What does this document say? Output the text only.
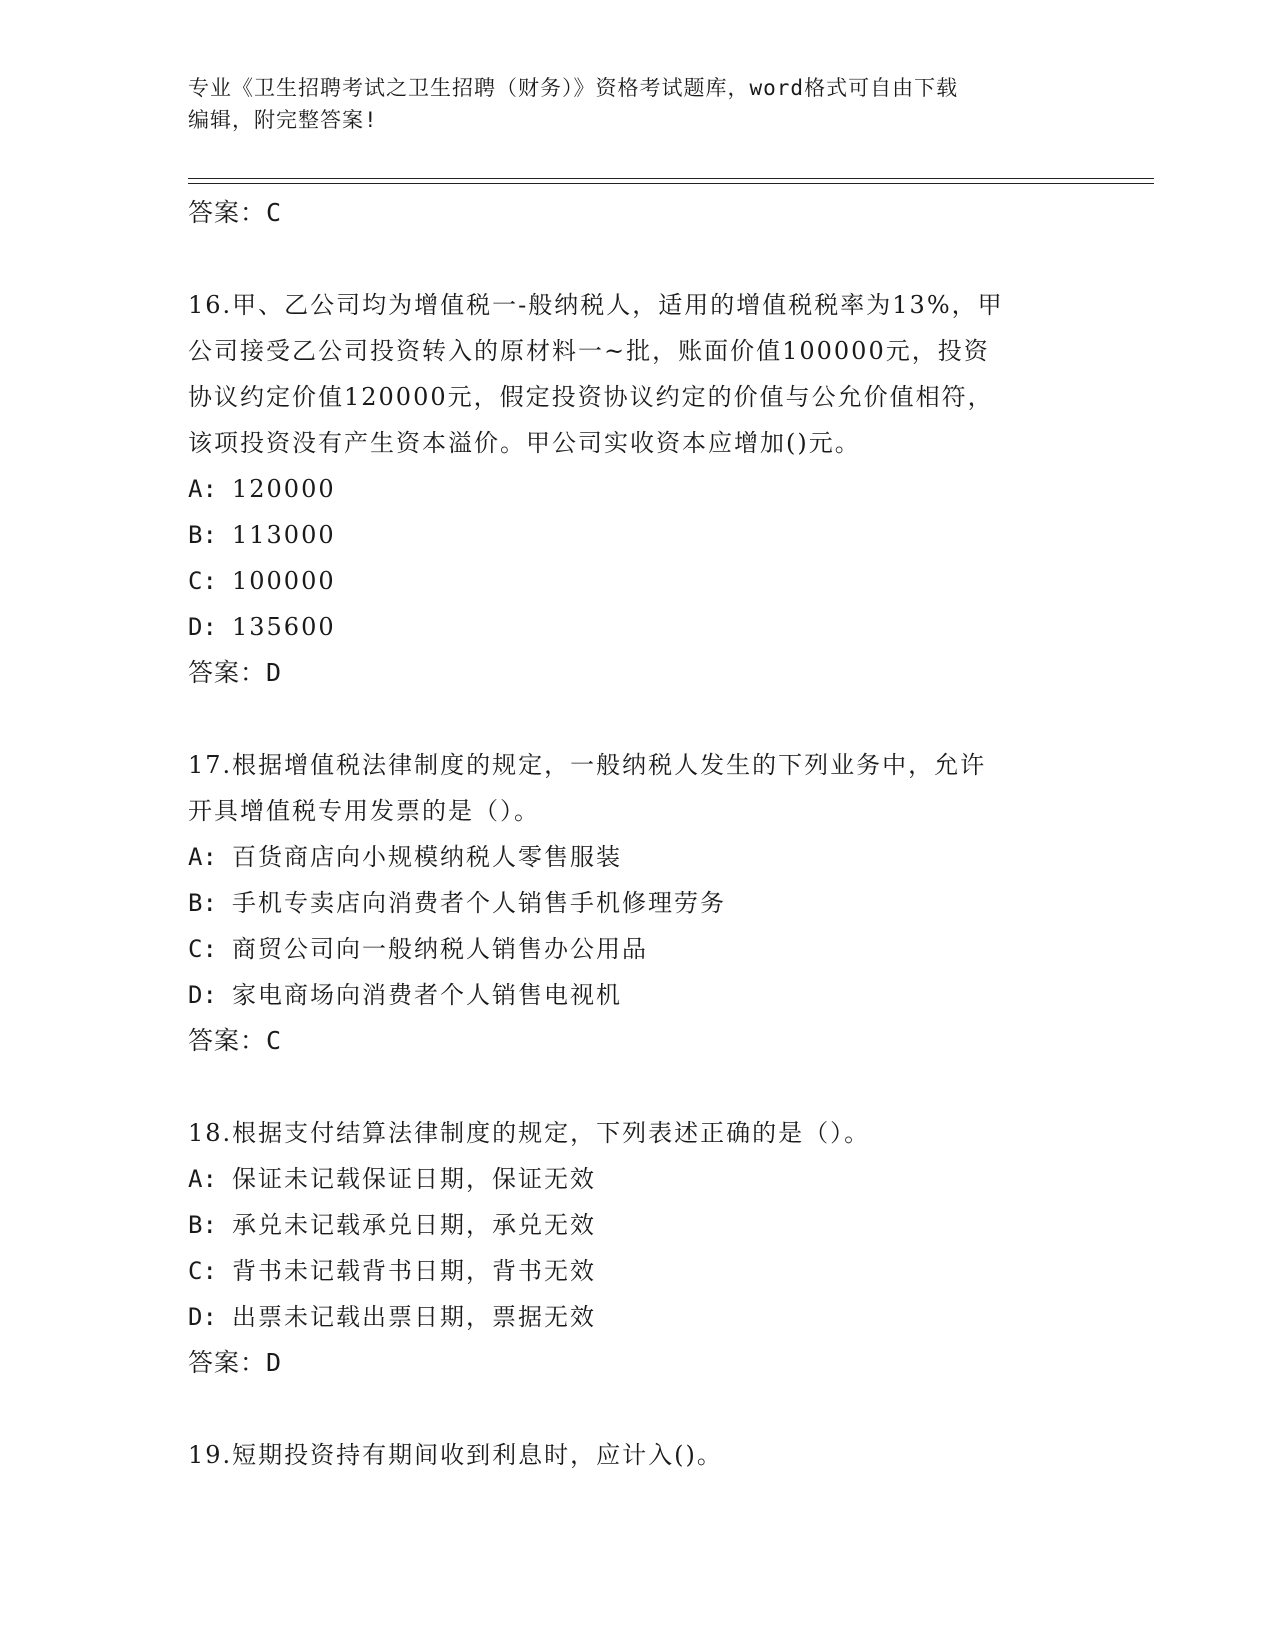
专业《卫生招聘考试之卫生招聘（财务）》资格考试题库，word格式可自由下载
编辑，附完整答案!
答案：C
16.甲、乙公司均为增值税一-般纳税人，适用的增值税税率为13%，甲
公司接受乙公司投资转入的原材料一~批，账面价值100000元，投资
协议约定价值120000元，假定投资协议约定的价值与公允价值相符，
该项投资没有产生资本溢价。甲公司实收资本应增加()元。
A: 120000
B: 113000
C: 100000
D: 135600
答案：D
17.根据增值税法律制度的规定，一般纳税人发生的下列业务中，允许
开具增值税专用发票的是（）。
A: 百货商店向小规模纳税人零售服装
B: 手机专卖店向消费者个人销售手机修理劳务
C: 商贸公司向一般纳税人销售办公用品
D: 家电商场向消费者个人销售电视机
答案：C
18.根据支付结算法律制度的规定，下列表述正确的是（）。
A: 保证未记载保证日期，保证无效
B: 承兑未记载承兑日期，承兑无效
C: 背书未记载背书日期，背书无效
D: 出票未记载出票日期，票据无效
答案：D
19.短期投资持有期间收到利息时，应计入()。
